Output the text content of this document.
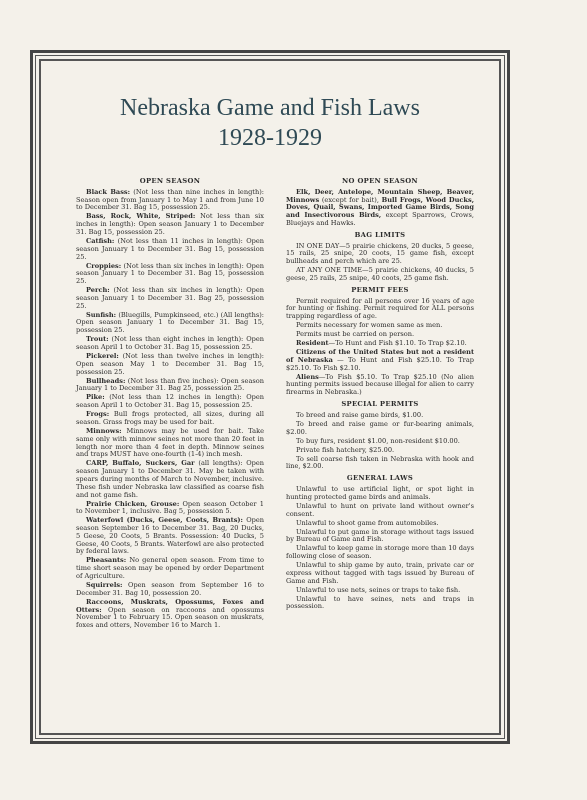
Nebraska Game and Fish Laws
1928-1929
OPEN SEASON

Black Bass: (Not less than nine inches in length): Season open from January 1 to May 1 and from June 10 to December 31. Bag 15, possession 25.

Bass, Rock, White, Striped: Not less than six inches in length): Open season January 1 to December 31. Bag 15, possession 25.

Catfish: (Not less than 11 inches in length): Open season January 1 to December 31. Bag 15, possession 25.

Croppies: (Not less than six inches in length): Open season January 1 to December 31. Bag 15, possession 25.

Perch: (Not less than six inches in length): Open season January 1 to December 31. Bag 25, possession 25.

Sunfish: (Bluegills, Pumpkinseed, etc.) (All lengths): Open season January 1 to December 31. Bag 15, possession 25.

Trout: (Not less than eight inches in length): Open season April 1 to October 31. Bag 15, possession 25.

Pickerel: (Not less than twelve inches in length): Open season May 1 to December 31. Bag 15, possession 25.

Bullheads: (Not less than five inches): Open season January 1 to December 31. Bag 25, possession 25.

Pike: (Not less than 12 inches in length): Open season April 1 to October 31. Bag 15, possession 25.

Frogs: Bull frogs protected, all sizes, during all season. Grass frogs may be used for bait.

Minnows: Minnows may be used for bait. Take same only with minnow seines not more than 20 feet in length nor more than 4 feet in depth. Minnow seines and traps MUST have one-fourth (1-4) inch mesh.

CARP, Buffalo, Suckers, Gar (all lengths): Open season January 1 to December 31. May be taken with spears during months of March to November, inclusive. These fish under Nebraska law classified as coarse fish and not game fish.

Prairie Chicken, Grouse: Open season October 1 to November 1, inclusive. Bag 5, possession 5.

Waterfowl (Ducks, Geese, Coots, Brants): Open season September 16 to December 31. Bag, 20 Ducks, 5 Geese, 20 Coots, 5 Brants. Possession: 40 Ducks, 5 Geese, 40 Coots, 5 Brants. Waterfowl are also protected by federal laws.

Pheasants: No general open season. From time to time short season may be opened by order Department of Agriculture.

Squirrels: Open season from September 16 to December 31. Bag 10, possession 20.

Raccoons, Muskrats, Opossums, Foxes and Otters: Open season on raccoons and opossums November 1 to February 15. Open season on muskrats, foxes and otters, November 16 to March 1.

NO OPEN SEASON

Elk, Deer, Antelope, Mountain Sheep, Beaver, Minnows (except for bait), Bull Frogs, Wood Ducks, Doves, Quail, Swans, Imported Game Birds, Song and Insectivorous Birds, except Sparrows, Crows, Bluejays and Hawks.

BAG LIMITS

IN ONE DAY—5 prairie chickens, 20 ducks, 5 geese, 15 rails, 25 snipe, 20 coots, 15 game fish, except bullheads and perch which are 25.

AT ANY ONE TIME—5 prairie chickens, 40 ducks, 5 geese, 25 rails, 25 snipe, 40 coots, 25 game fish.

PERMIT FEES

Permit required for all persons over 16 years of age for hunting or fishing. Permit required for ALL persons trapping regardless of age.

Permits necessary for women same as men.

Permits must be carried on person.

Resident—To Hunt and Fish $1.10. To Trap $2.10.

Citizens of the United States but not a resident of Nebraska — To Hunt and Fish $25.10. To Trap $25.10. To Fish $2.10.

Aliens—To Fish $5.10. To Trap $25.10 (No alien hunting permits issued because illegal for alien to carry firearms in Nebraska.)

SPECIAL PERMITS

To breed and raise game birds, $1.00.

To breed and raise game or fur-bearing animals, $2.00.

To buy furs, resident $1.00, non-resident $10.00.

Private fish hatchery, $25.00.

To sell coarse fish taken in Nebraska with hook and line, $2.00.

GENERAL LAWS

Unlawful to use artificial light, or spot light in hunting protected game birds and animals.

Unlawful to hunt on private land without owner's consent.

Unlawful to shoot game from automobiles.

Unlawful to put game in storage without tags issued by Bureau of Game and Fish.

Unlawful to keep game in storage more than 10 days following close of season.

Unlawful to ship game by auto, train, private car or express without tagged with tags issued by Bureau of Game and Fish.

Unlawful to use nets, seines or traps to take fish.

Unlawful to have seines, nets and traps in possession.
